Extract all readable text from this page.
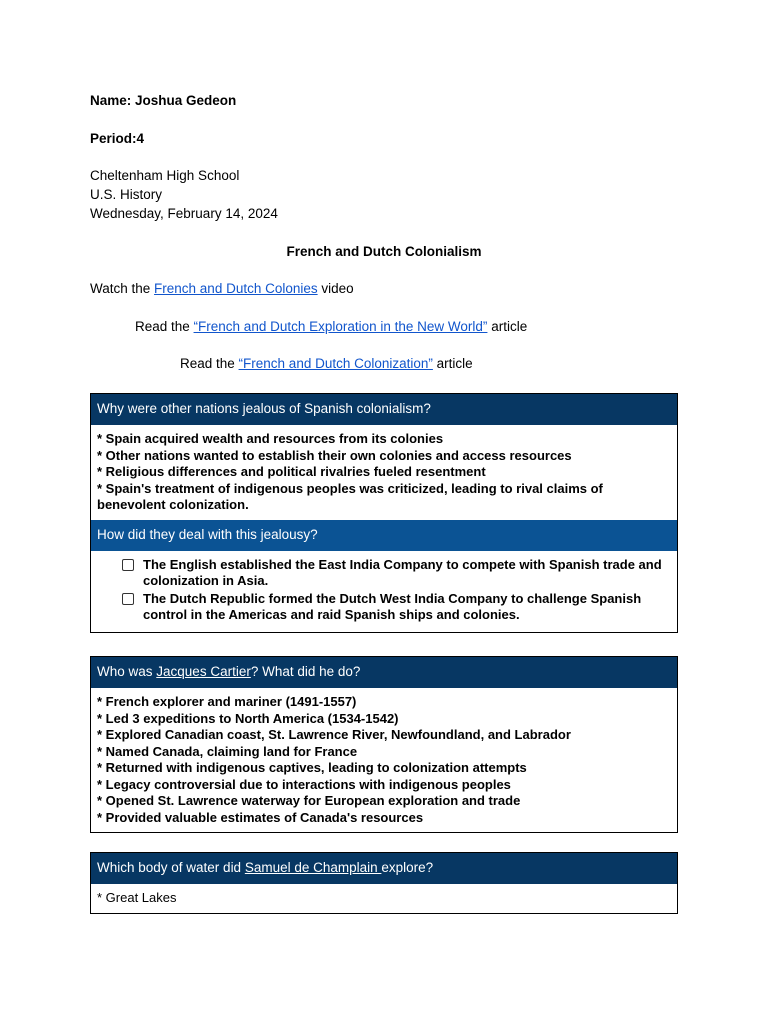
Name: Joshua Gedeon
Period:4
Cheltenham High School
U.S. History
Wednesday, February 14, 2024
French and Dutch Colonialism
Watch the French and Dutch Colonies video
Read the “French and Dutch Exploration in the New World” article
Read the “French and Dutch Colonization” article
Why were other nations jealous of Spanish colonialism?
* Spain acquired wealth and resources from its colonies
* Other nations wanted to establish their own colonies and access resources
* Religious differences and political rivalries fueled resentment
* Spain's treatment of indigenous peoples was criticized, leading to rival claims of benevolent colonization.
How did they deal with this jealousy?
The English established the East India Company to compete with Spanish trade and colonization in Asia.
The Dutch Republic formed the Dutch West India Company to challenge Spanish control in the Americas and raid Spanish ships and colonies.
Who was Jacques Cartier? What did he do?
* French explorer and mariner (1491-1557)
* Led 3 expeditions to North America (1534-1542)
* Explored Canadian coast, St. Lawrence River, Newfoundland, and Labrador
* Named Canada, claiming land for France
* Returned with indigenous captives, leading to colonization attempts
* Legacy controversial due to interactions with indigenous peoples
* Opened St. Lawrence waterway for European exploration and trade
* Provided valuable estimates of Canada's resources
Which body of water did Samuel de Champlain explore?
* Great Lakes
